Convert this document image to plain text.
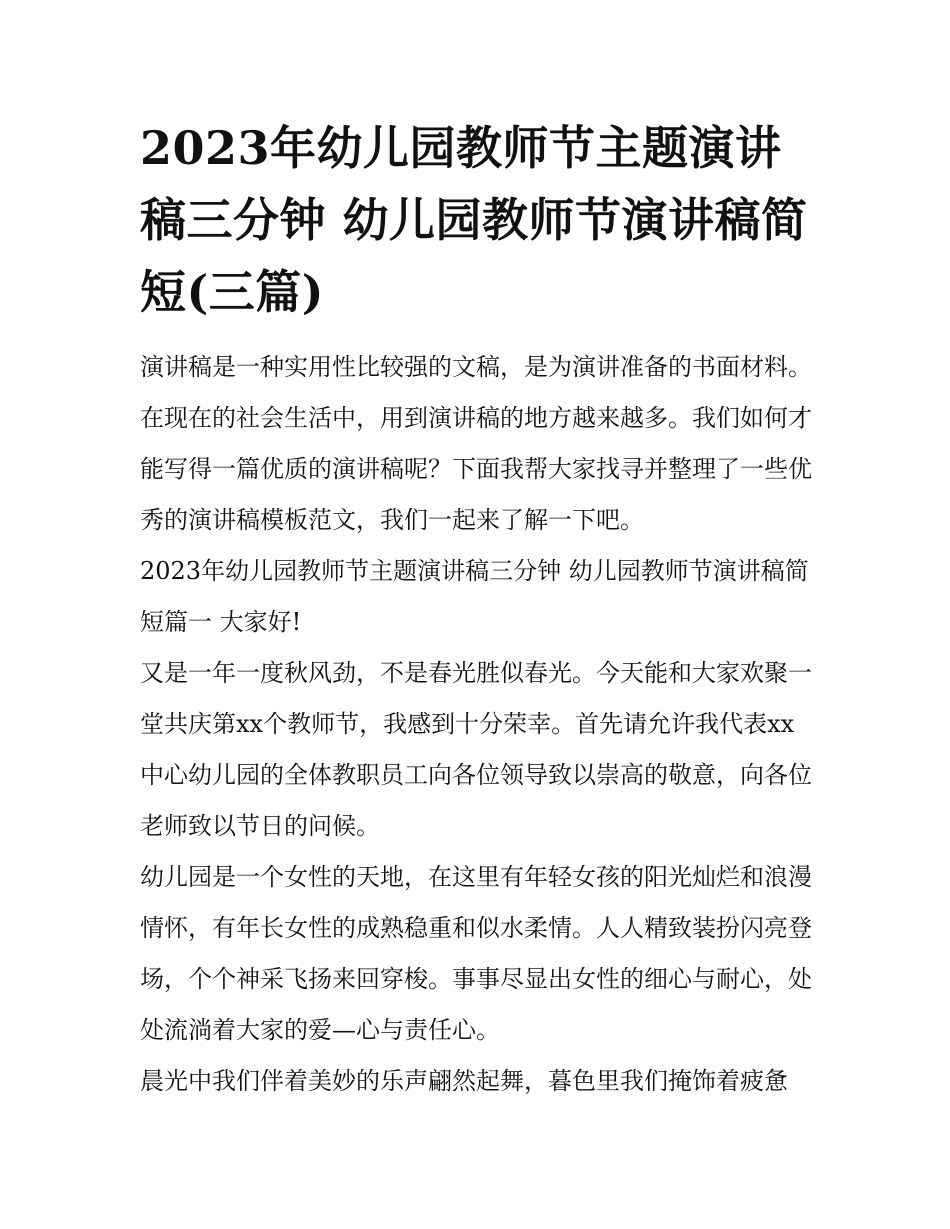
2023年幼儿园教师节主题演讲稿三分钟 幼儿园教师节演讲稿简短(三篇)

演讲稿是一种实用性比较强的文稿，是为演讲准备的书面材料。在现在的社会生活中，用到演讲稿的地方越来越多。我们如何才能写得一篇优质的演讲稿呢？下面我帮大家找寻并整理了一些优秀的演讲稿模板范文，我们一起来了解一下吧。

2023年幼儿园教师节主题演讲稿三分钟 幼儿园教师节演讲稿简短篇一 大家好!

又是一年一度秋风劲，不是春光胜似春光。今天能和大家欢聚一堂共庆第xx个教师节，我感到十分荣幸。首先请允许我代表xx中心幼儿园的全体教职员工向各位领导致以崇高的敬意，向各位老师致以节日的问候。

幼儿园是一个女性的天地，在这里有年轻女孩的阳光灿烂和浪漫情怀，有年长女性的成熟稳重和似水柔情。人人精致装扮闪亮登场，个个神采飞扬来回穿梭。事事尽显出女性的细心与耐心，处处流淌着大家的爱—心与责任心。

晨光中我们伴着美妙的乐声翩然起舞，暮色里我们掩饰着疲惫
